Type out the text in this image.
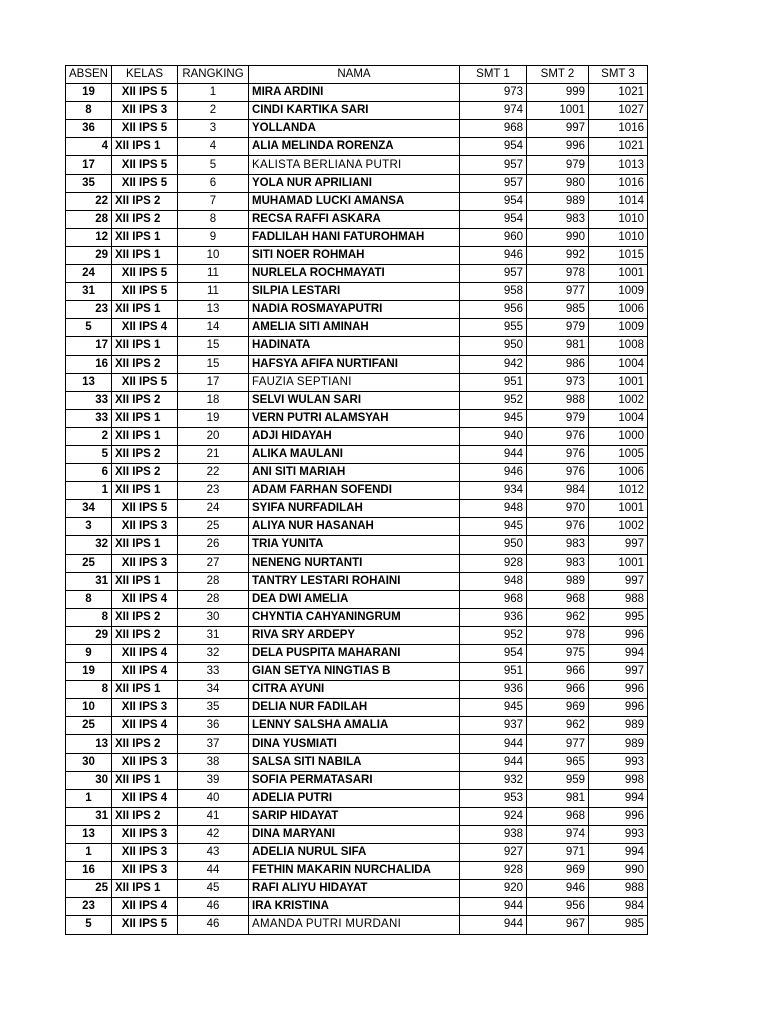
ABSEN	KELAS	RANGKING	NAMA	SMT 1	SMT 2	SMT 3
19	XII IPS 5	1	MIRA ARDINI	973	999	1021
8	XII IPS 3	2	CINDI KARTIKA SARI	974	1001	1027
36	XII IPS 5	3	YOLLANDA	968	997	1016
4	XII IPS 1	4	ALIA MELINDA RORENZA	954	996	1021
17	XII IPS 5	5	KALISTA BERLIANA PUTRI	957	979	1013
35	XII IPS 5	6	YOLA NUR APRILIANI	957	980	1016
22	XII IPS 2	7	MUHAMAD LUCKI AMANSA	954	989	1014
28	XII IPS 2	8	RECSA RAFFI ASKARA	954	983	1010
12	XII IPS 1	9	FADLILAH HANI FATUROHMAH	960	990	1010
29	XII IPS 1	10	SITI NOER ROHMAH	946	992	1015
24	XII IPS 5	11	NURLELA ROCHMAYATI	957	978	1001
31	XII IPS 5	11	SILPIA LESTARI	958	977	1009
23	XII IPS 1	13	NADIA ROSMAYAPUTRI	956	985	1006
5	XII IPS 4	14	AMELIA SITI AMINAH	955	979	1009
17	XII IPS 1	15	HADINATA	950	981	1008
16	XII IPS 2	15	HAFSYA AFIFA NURTIFANI	942	986	1004
13	XII IPS 5	17	FAUZIA SEPTIANI	951	973	1001
33	XII IPS 2	18	SELVI WULAN SARI	952	988	1002
33	XII IPS 1	19	VERN PUTRI ALAMSYAH	945	979	1004
2	XII IPS 1	20	ADJI HIDAYAH	940	976	1000
5	XII IPS 2	21	ALIKA MAULANI	944	976	1005
6	XII IPS 2	22	ANI SITI MARIAH	946	976	1006
1	XII IPS 1	23	ADAM FARHAN SOFENDI	934	984	1012
34	XII IPS 5	24	SYIFA NURFADILAH	948	970	1001
3	XII IPS 3	25	ALIYA NUR HASANAH	945	976	1002
32	XII IPS 1	26	TRIA YUNITA	950	983	997
25	XII IPS 3	27	NENENG NURTANTI	928	983	1001
31	XII IPS 1	28	TANTRY LESTARI ROHAINI	948	989	997
8	XII IPS 4	28	DEA DWI AMELIA	968	968	988
8	XII IPS 2	30	CHYNTIA CAHYANINGRUM	936	962	995
29	XII IPS 2	31	RIVA SRY ARDEPY	952	978	996
9	XII IPS 4	32	DELA PUSPITA MAHARANI	954	975	994
19	XII IPS 4	33	GIAN SETYA NINGTIAS B	951	966	997
8	XII IPS 1	34	CITRA AYUNI	936	966	996
10	XII IPS 3	35	DELIA NUR FADILAH	945	969	996
25	XII IPS 4	36	LENNY SALSHA AMALIA	937	962	989
13	XII IPS 2	37	DINA YUSMIATI	944	977	989
30	XII IPS 3	38	SALSA SITI NABILA	944	965	993
30	XII IPS 1	39	SOFIA PERMATASARI	932	959	998
1	XII IPS 4	40	ADELIA PUTRI	953	981	994
31	XII IPS 2	41	SARIP HIDAYAT	924	968	996
13	XII IPS 3	42	DINA MARYANI	938	974	993
1	XII IPS 3	43	ADELIA NURUL SIFA	927	971	994
16	XII IPS 3	44	FETHIN MAKARIN NURCHALIDA	928	969	990
25	XII IPS 1	45	RAFI ALIYU HIDAYAT	920	946	988
23	XII IPS 4	46	IRA KRISTINA	944	956	984
5	XII IPS 5	46	AMANDA PUTRI MURDANI	944	967	985
